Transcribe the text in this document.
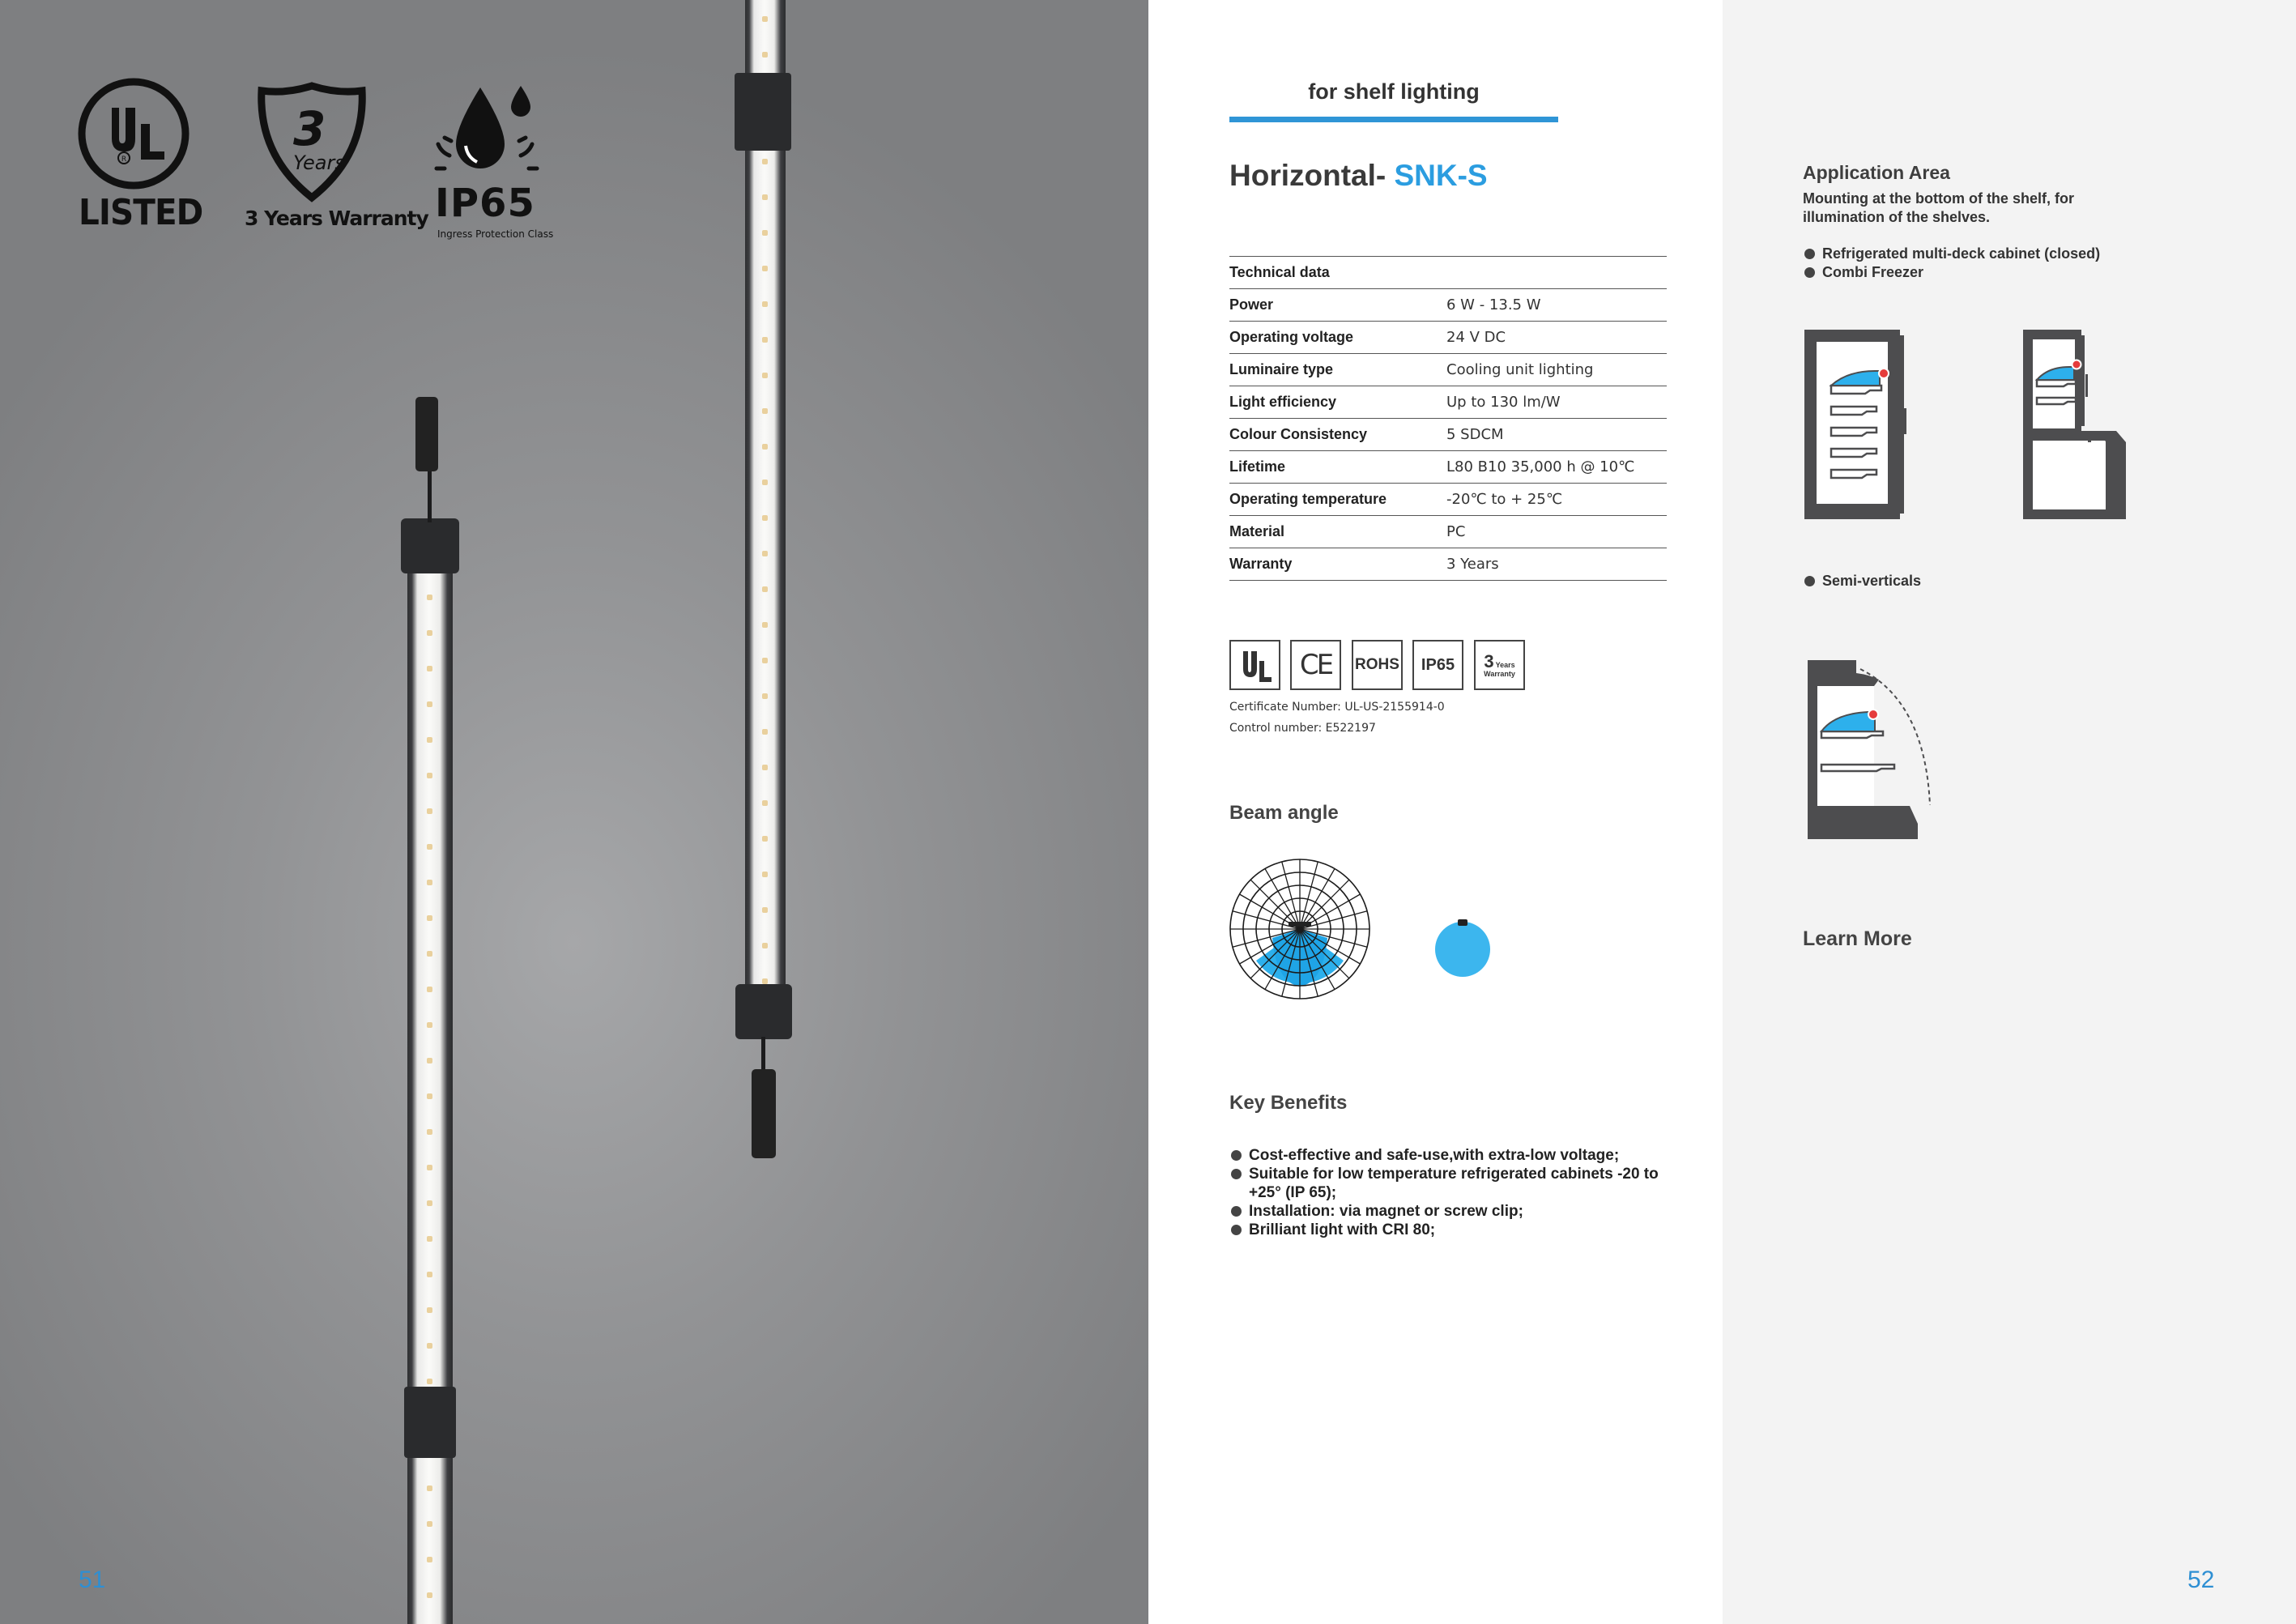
R
LISTED
3
Years
3 Years Warranty IP65
Ingress Protection Class
51
for shelf lighting
Horizontal- SNK-S
Technical data	
Power	6 W - 13.5 W
Operating voltage	24 V DC
Luminaire type	Cooling unit lighting
Light efficiency	Up to 130 lm/W
Colour Consistency	5 SDCM
Lifetime	L80 B10 35,000 h @ 10℃
Operating temperature	-20℃ to + 25℃
Material	PC
Warranty	3 Years
CE	ROHS	IP65	3 Years
Warranty
Certificate Number: UL-US-2155914-0
Control number: E522197
Beam angle
Key Benefits
Cost-effective and safe-use,with extra-low voltage;
Suitable for low temperature refrigerated cabinets -20 to +25° (IP 65);
Installation: via magnet or screw clip;
Brilliant light with CRI 80;
Application Area
Mounting at the bottom of the shelf, for illumination of the shelves.
Refrigerated multi-deck cabinet (closed)
Combi Freezer
Semi-verticals
Learn More
52
